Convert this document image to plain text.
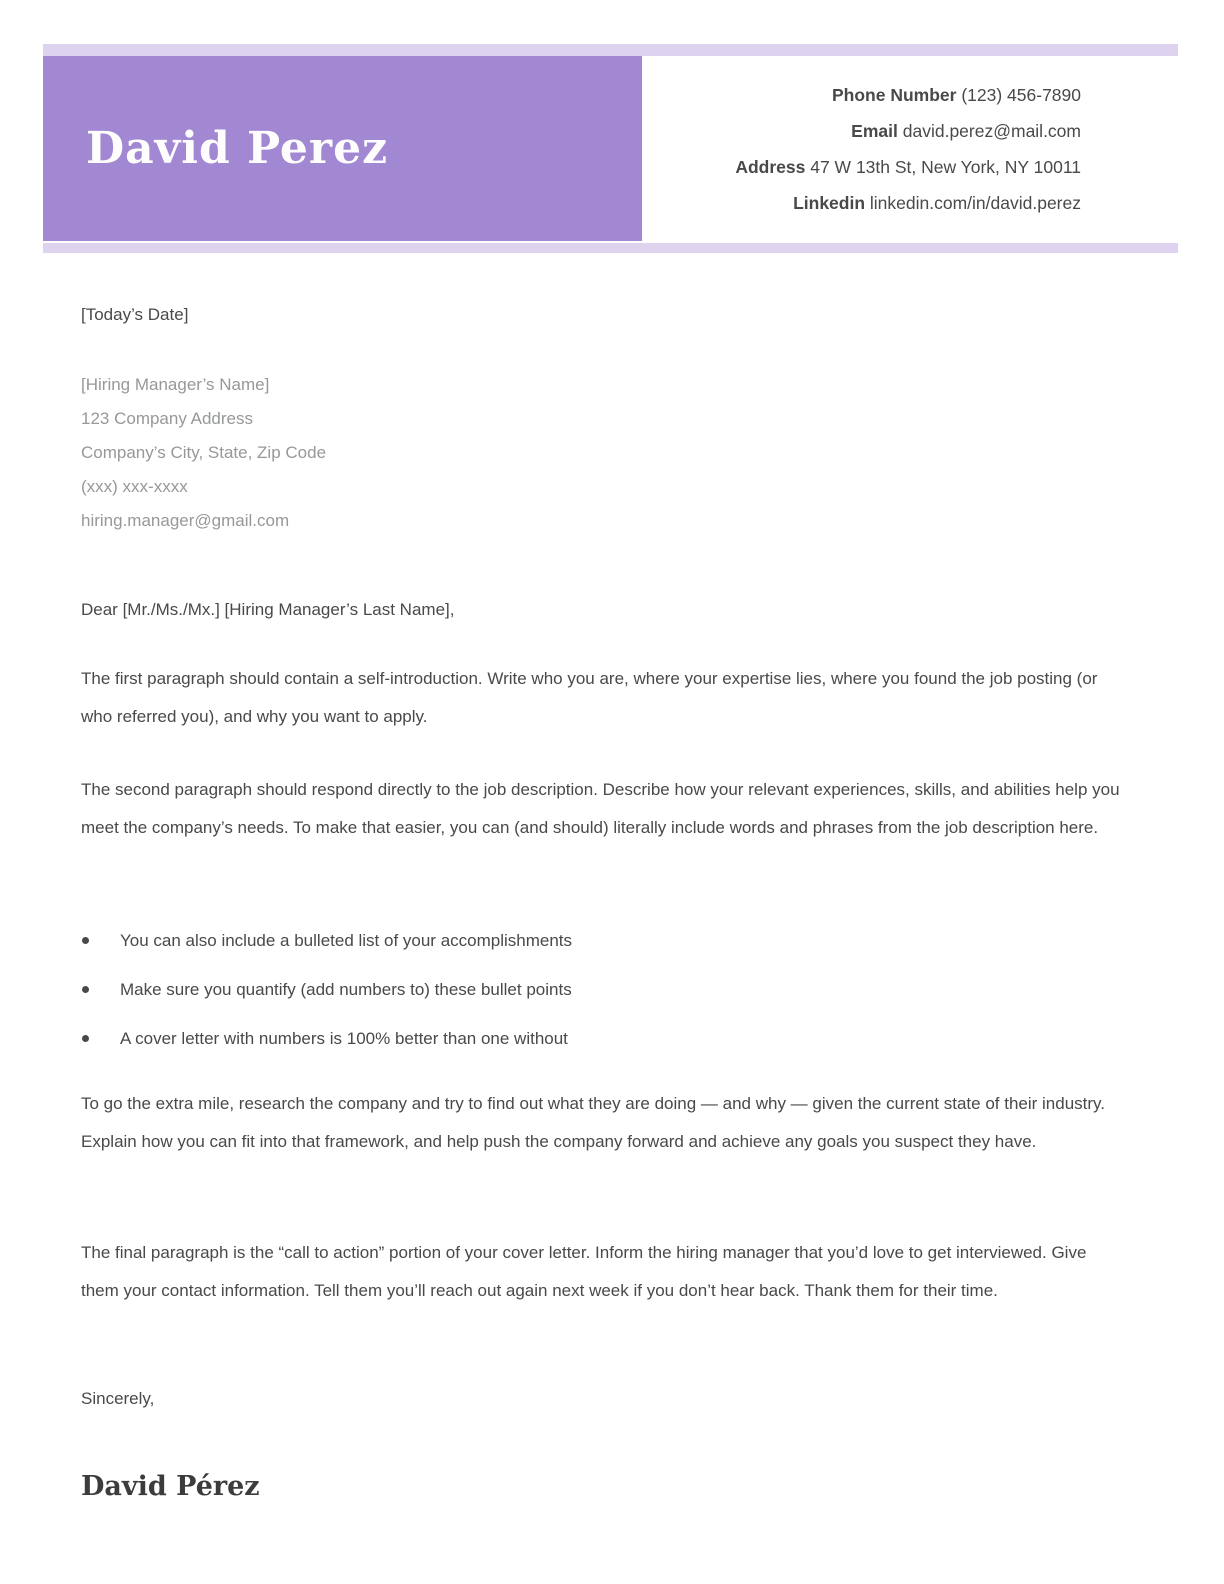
David Perez
Phone Number (123) 456-7890
Email david.perez@mail.com
Address 47 W 13th St, New York, NY 10011
Linkedin linkedin.com/in/david.perez
[Today’s Date]
[Hiring Manager’s Name]
123 Company Address
Company’s City, State, Zip Code
(xxx) xxx-xxxx
hiring.manager@gmail.com
Dear [Mr./Ms./Mx.] [Hiring Manager’s Last Name],
The first paragraph should contain a self-introduction. Write who you are, where your expertise lies, where you found the job posting (or who referred you), and why you want to apply.
The second paragraph should respond directly to the job description. Describe how your relevant experiences, skills, and abilities help you meet the company’s needs. To make that easier, you can (and should) literally include words and phrases from the job description here.
You can also include a bulleted list of your accomplishments
Make sure you quantify (add numbers to) these bullet points
A cover letter with numbers is 100% better than one without
To go the extra mile, research the company and try to find out what they are doing — and why — given the current state of their industry. Explain how you can fit into that framework, and help push the company forward and achieve any goals you suspect they have.
The final paragraph is the “call to action” portion of your cover letter. Inform the hiring manager that you’d love to get interviewed. Give them your contact information. Tell them you’ll reach out again next week if you don’t hear back. Thank them for their time.
Sincerely,
David Pérez
